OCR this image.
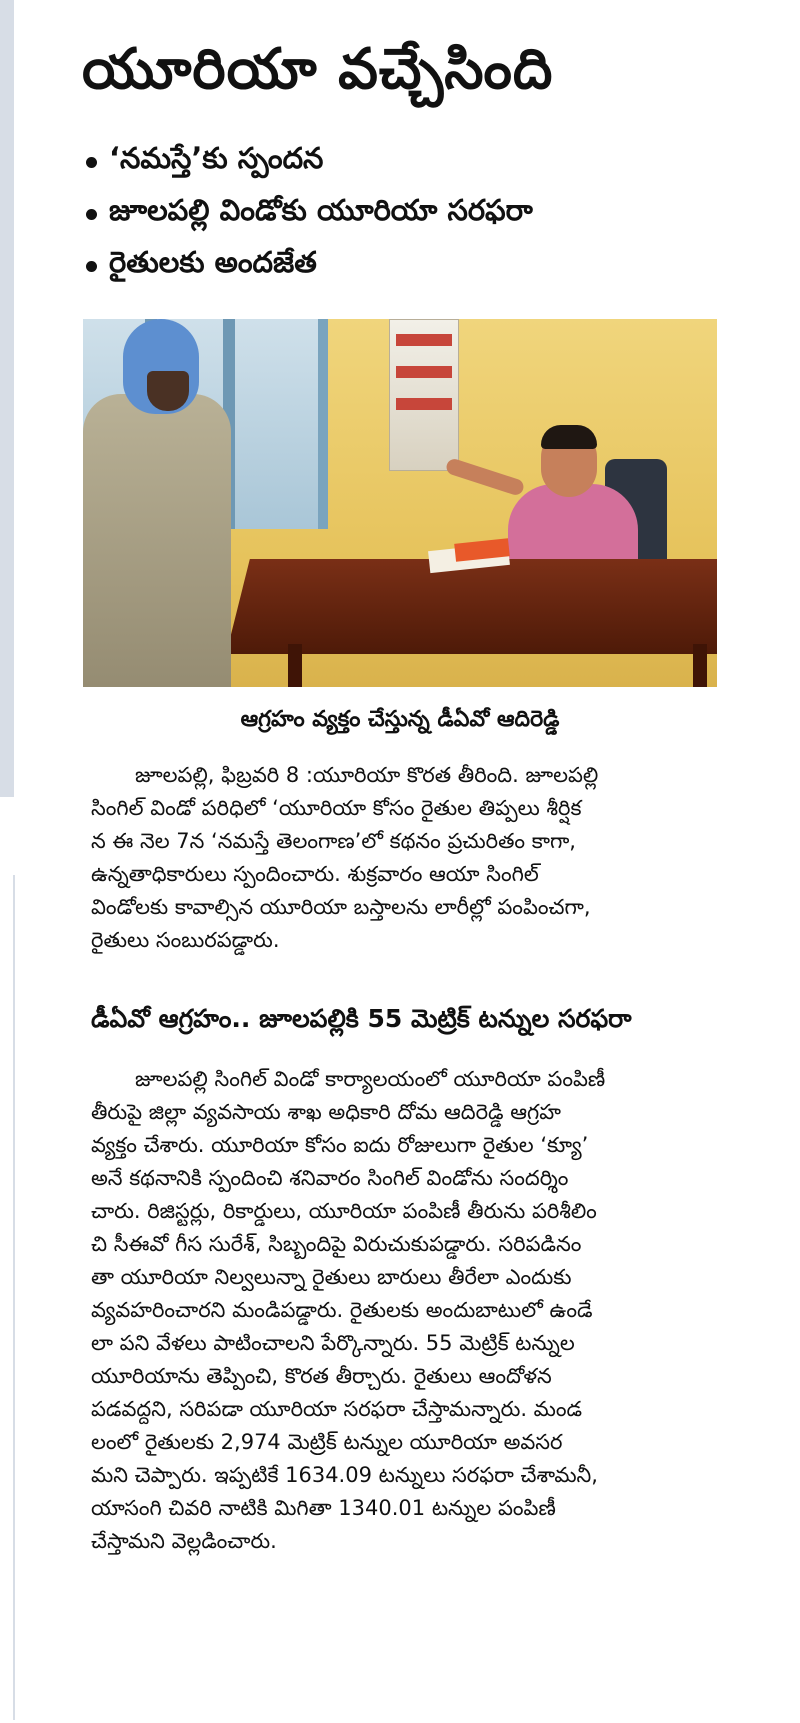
యూరియా వచ్చేసింది
‘నమస్తే’కు స్పందన
జూలపల్లి విండోకు యూరియా సరఫరా
రైతులకు అందజేత
ఆగ్రహం వ్యక్తం చేస్తున్న డీఏవో ఆదిరెడ్డి
జూలపల్లి, ఫిబ్రవరి 8 :యూరియా కొరత తీరింది. జూలపల్లి
సింగిల్ విండో పరిధిలో ‘యూరియా కోసం రైతుల తిప్పలు శీర్షిక
న ఈ నెల 7న ‘నమస్తే తెలంగాణ’లో కథనం ప్రచురితం కాగా,
ఉన్నతాధికారులు స్పందించారు. శుక్రవారం ఆయా సింగిల్
విండోలకు కావాల్సిన యూరియా బస్తాలను లారీల్లో పంపించగా,
రైతులు సంబురపడ్డారు.
డీఏవో ఆగ్రహం.. జూలపల్లికి 55 మెట్రిక్ టన్నుల సరఫరా
జూలపల్లి సింగిల్ విండో కార్యాలయంలో యూరియా పంపిణీ
తీరుపై జిల్లా వ్యవసాయ శాఖ అధికారి దోమ ఆదిరెడ్డి ఆగ్రహ
వ్యక్తం చేశారు. యూరియా కోసం ఐదు రోజులుగా రైతుల ‘క్యూ’
అనే కథనానికి స్పందించి శనివారం సింగిల్ విండోను సందర్శిం
చారు. రిజిస్టర్లు, రికార్డులు, యూరియా పంపిణీ తీరును పరిశీలిం
చి సీఈవో గీస సురేశ్, సిబ్బందిపై విరుచుకుపడ్డారు. సరిపడినం
తా యూరియా నిల్వలున్నా రైతులు బారులు తీరేలా ఎందుకు
వ్యవహరించారని మండిపడ్డారు. రైతులకు అందుబాటులో ఉండే
లా పని వేళలు పాటించాలని పేర్కొన్నారు. 55 మెట్రిక్ టన్నుల
యూరియాను తెప్పించి, కొరత తీర్చారు. రైతులు ఆందోళన
పడవద్దని, సరిపడా యూరియా సరఫరా చేస్తామన్నారు. మండ
లంలో రైతులకు 2,974 మెట్రిక్ టన్నుల యూరియా అవసర
మని చెప్పారు. ఇప్పటికే 1634.09 టన్నులు సరఫరా చేశామనీ,
యాసంగి చివరి నాటికి మిగితా 1340.01 టన్నుల పంపిణీ
చేస్తామని వెల్లడించారు.
